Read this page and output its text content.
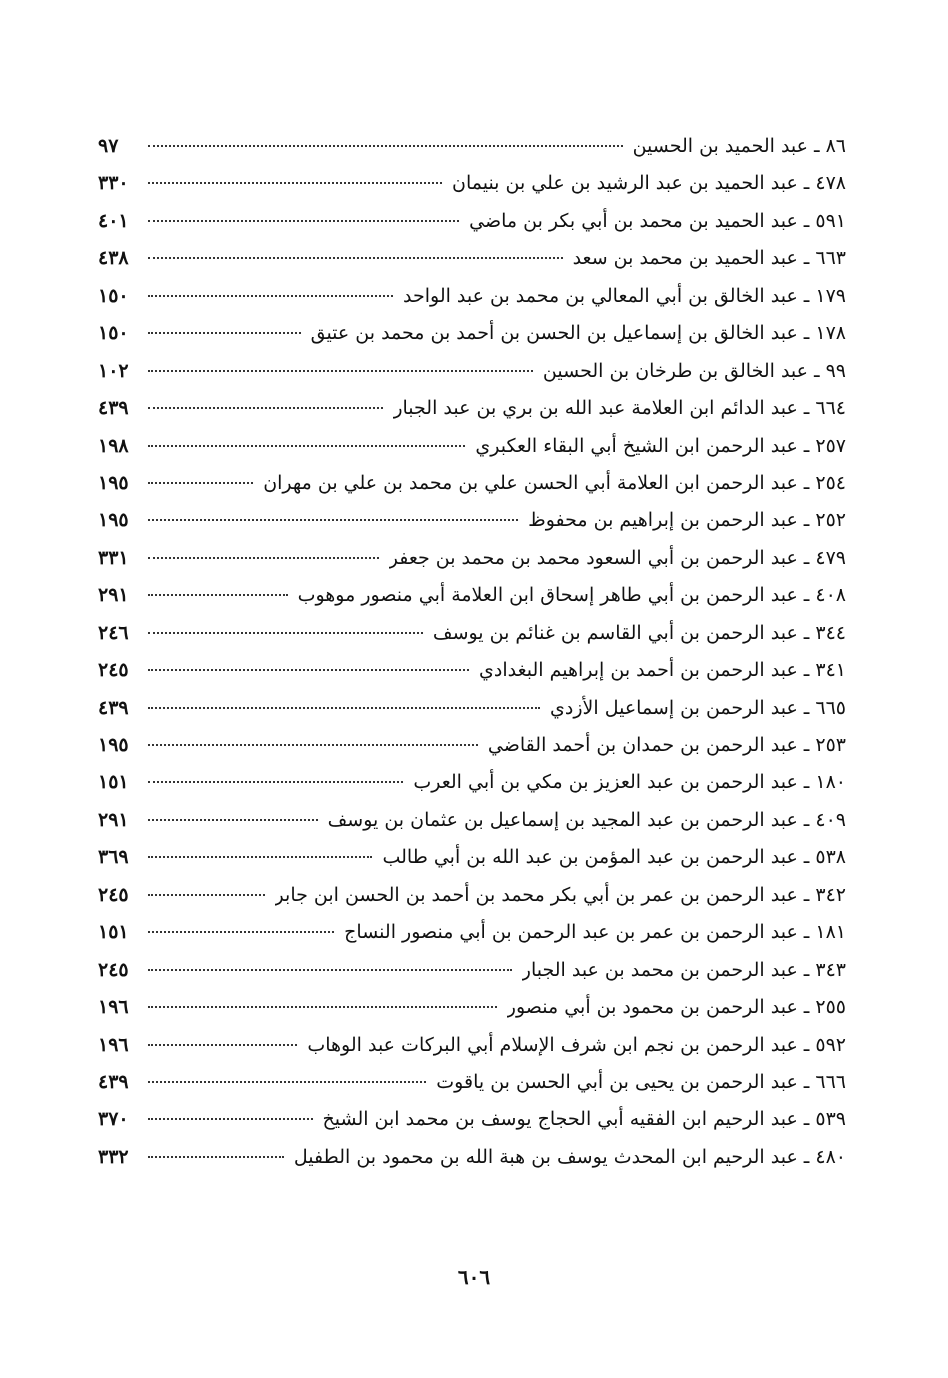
٨٦
ـ
عبد الحميد بن الحسين
٩٧
٤٧٨
ـ
عبد الحميد بن عبد الرشيد بن علي بن بنيمان
٣٣٠
٥٩١
ـ
عبد الحميد بن محمد بن أبي بكر بن ماضي
٤٠١
٦٦٣
ـ
عبد الحميد بن محمد بن سعد
٤٣٨
١٧٩
ـ
عبد الخالق بن أبي المعالي بن محمد بن عبد الواحد
١٥٠
١٧٨
ـ
عبد الخالق بن إسماعيل بن الحسن بن أحمد بن محمد بن عتيق
١٥٠
٩٩
ـ
عبد الخالق بن طرخان بن الحسين
١٠٢
٦٦٤
ـ
عبد الدائم ابن العلامة عبد الله بن بري بن عبد الجبار
٤٣٩
٢٥٧
ـ
عبد الرحمن ابن الشيخ أبي البقاء العكبري
١٩٨
٢٥٤
ـ
عبد الرحمن ابن العلامة أبي الحسن علي بن محمد بن علي بن مهران
١٩٥
٢٥٢
ـ
عبد الرحمن بن إبراهيم بن محفوظ
١٩٥
٤٧٩
ـ
عبد الرحمن بن أبي السعود محمد بن محمد بن جعفر
٣٣١
٤٠٨
ـ
عبد الرحمن بن أبي طاهر إسحاق ابن العلامة أبي منصور موهوب
٢٩١
٣٤٤
ـ
عبد الرحمن بن أبي القاسم بن غنائم بن يوسف
٢٤٦
٣٤١
ـ
عبد الرحمن بن أحمد بن إبراهيم البغدادي
٢٤٥
٦٦٥
ـ
عبد الرحمن بن إسماعيل الأزدي
٤٣٩
٢٥٣
ـ
عبد الرحمن بن حمدان بن أحمد القاضي
١٩٥
١٨٠
ـ
عبد الرحمن بن عبد العزيز بن مكي بن أبي العرب
١٥١
٤٠٩
ـ
عبد الرحمن بن عبد المجيد بن إسماعيل بن عثمان بن يوسف
٢٩١
٥٣٨
ـ
عبد الرحمن بن عبد المؤمن بن عبد الله بن أبي طالب
٣٦٩
٣٤٢
ـ
عبد الرحمن بن عمر بن أبي بكر محمد بن أحمد بن الحسن ابن جابر
٢٤٥
١٨١
ـ
عبد الرحمن بن عمر بن عبد الرحمن بن أبي منصور النساج
١٥١
٣٤٣
ـ
عبد الرحمن بن محمد بن عبد الجبار
٢٤٥
٢٥٥
ـ
عبد الرحمن بن محمود بن أبي منصور
١٩٦
٥٩٢
ـ
عبد الرحمن بن نجم ابن شرف الإسلام أبي البركات عبد الوهاب
١٩٦
٦٦٦
ـ
عبد الرحمن بن يحيى بن أبي الحسن بن ياقوت
٤٣٩
٥٣٩
ـ
عبد الرحيم ابن الفقيه أبي الحجاج يوسف بن محمد ابن الشيخ
٣٧٠
٤٨٠
ـ
عبد الرحيم ابن المحدث يوسف بن هبة الله بن محمود بن الطفيل
٣٣٢
٦٠٦
